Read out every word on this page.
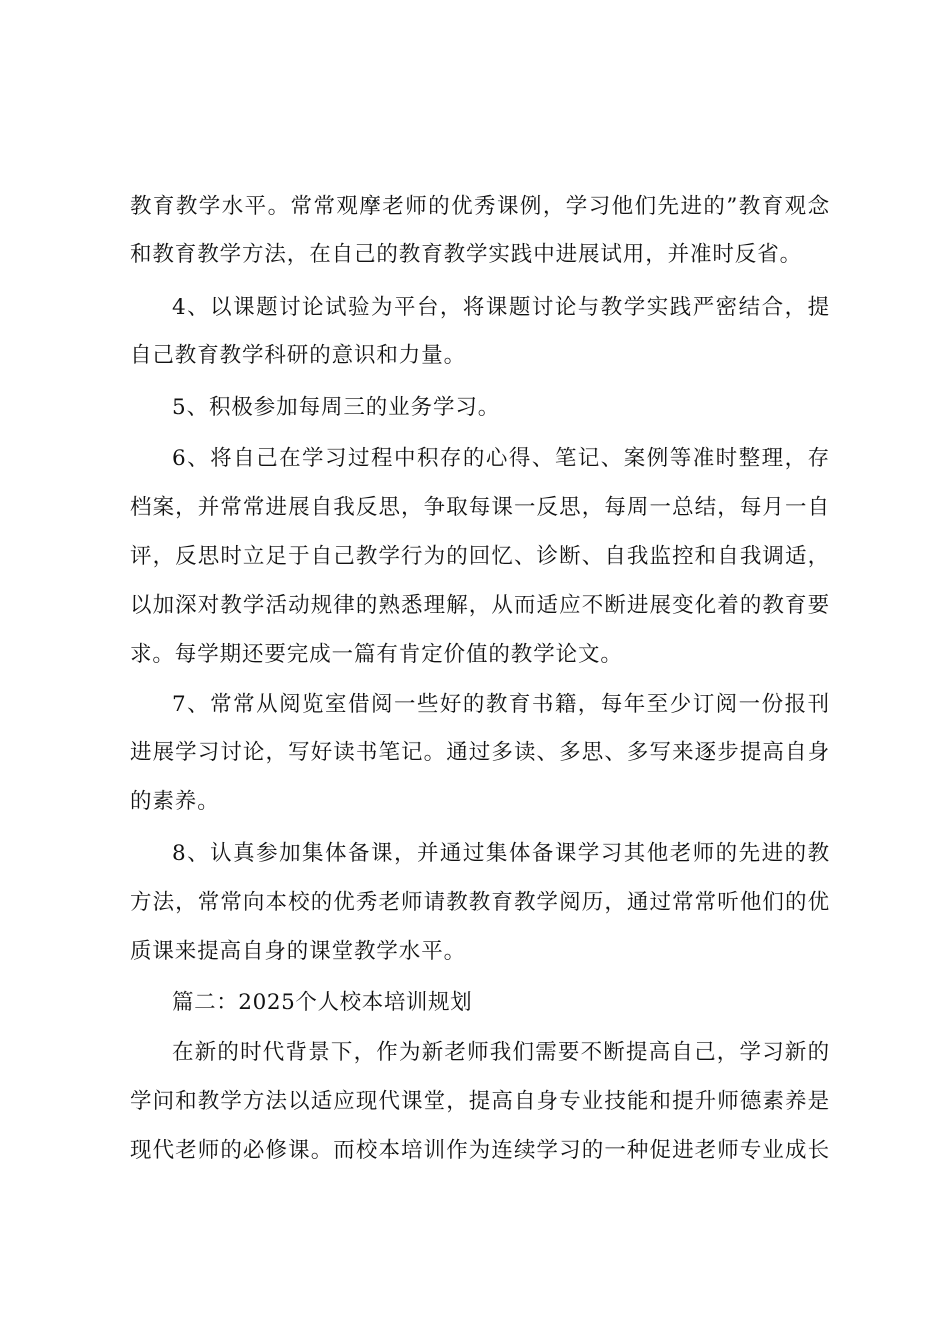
教育教学水平。常常观摩老师的优秀课例，学习他们先进的”教育观念
和教育教学方法，在自己的教育教学实践中进展试用，并准时反省。
4、以课题讨论试验为平台，将课题讨论与教学实践严密结合，提
自己教育教学科研的意识和力量。
5、积极参加每周三的业务学习。
6、将自己在学习过程中积存的心得、笔记、案例等准时整理，存
档案，并常常进展自我反思，争取每课一反思，每周一总结，每月一自
评，反思时立足于自己教学行为的回忆、诊断、自我监控和自我调适，
以加深对教学活动规律的熟悉理解，从而适应不断进展变化着的教育要
求。每学期还要完成一篇有肯定价值的教学论文。
7、常常从阅览室借阅一些好的教育书籍，每年至少订阅一份报刊
进展学习讨论，写好读书笔记。通过多读、多思、多写来逐步提高自身
的素养。
8、认真参加集体备课，并通过集体备课学习其他老师的先进的教
方法，常常向本校的优秀老师请教教育教学阅历，通过常常听他们的优
质课来提高自身的课堂教学水平。
篇二：2025个人校本培训规划
在新的时代背景下，作为新老师我们需要不断提高自己，学习新的
学问和教学方法以适应现代课堂，提高自身专业技能和提升师德素养是
现代老师的必修课。而校本培训作为连续学习的一种促进老师专业成长
